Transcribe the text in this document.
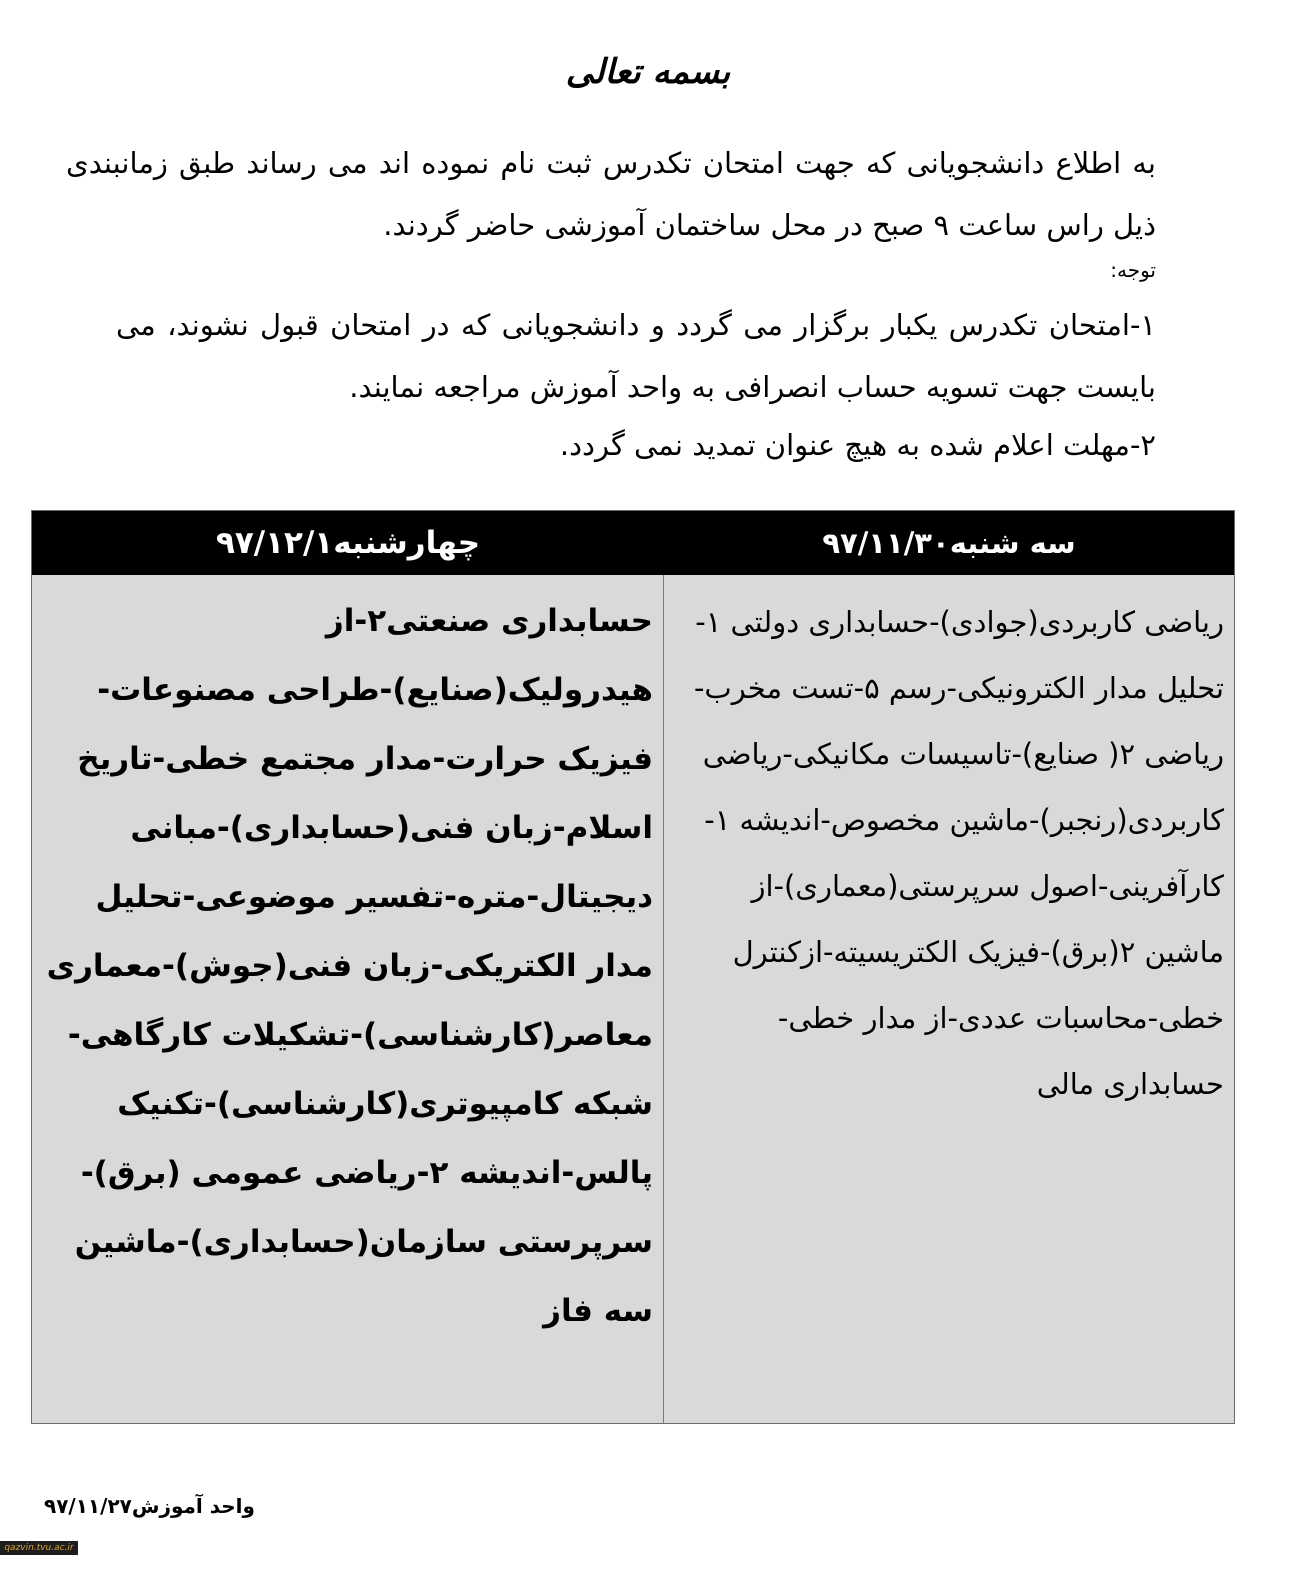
بسمه تعالی
به اطلاع دانشجویانی که جهت امتحان تکدرس ثبت نام نموده اند می رساند طبق زمانبندی ذیل راس ساعت ۹ صبح در محل ساختمان آموزشی حاضر گردند.
توجه:
۱-امتحان تکدرس یکبار برگزار می گردد و دانشجویانی که در امتحان قبول نشوند، می بایست جهت تسویه حساب انصرافی به واحد آموزش مراجعه نمایند.
۲-مهلت اعلام شده به هیچ عنوان تمدید نمی گردد.
سه شنبه۹۷/۱۱/۳۰
چهارشنبه۹۷/۱۲/۱
ریاضی کاربردی(جوادی)-حسابداری دولتی ۱-تحلیل مدار الکترونیکی-رسم ۵-تست مخرب-ریاضی ۲( صنایع)-تاسیسات مکانیکی-ریاضی کاربردی(رنجبر)-ماشین مخصوص-اندیشه ۱-کارآفرینی-اصول سرپرستی(معماری)-از ماشین ۲(برق)-فیزیک الکتریسیته-ازکنترل خطی-محاسبات عددی-از مدار خطی-حسابداری مالی
حسابداری صنعتی۲-از هیدرولیک(صنایع)-طراحی مصنوعات-فیزیک حرارت-مدار مجتمع خطی-تاریخ اسلام-زبان فنی(حسابداری)-مبانی دیجیتال-متره-تفسیر موضوعی-تحلیل مدار الکتریکی-زبان فنی(جوش)-معماری معاصر(کارشناسی)-تشکیلات کارگاهی-شبکه کامپیوتری(کارشناسی)-تکنیک پالس-اندیشه ۲-ریاضی عمومی (برق)-سرپرستی سازمان(حسابداری)-ماشین سه فاز
واحد آموزش۹۷/۱۱/۲۷
qazvin.tvu.ac.ir
